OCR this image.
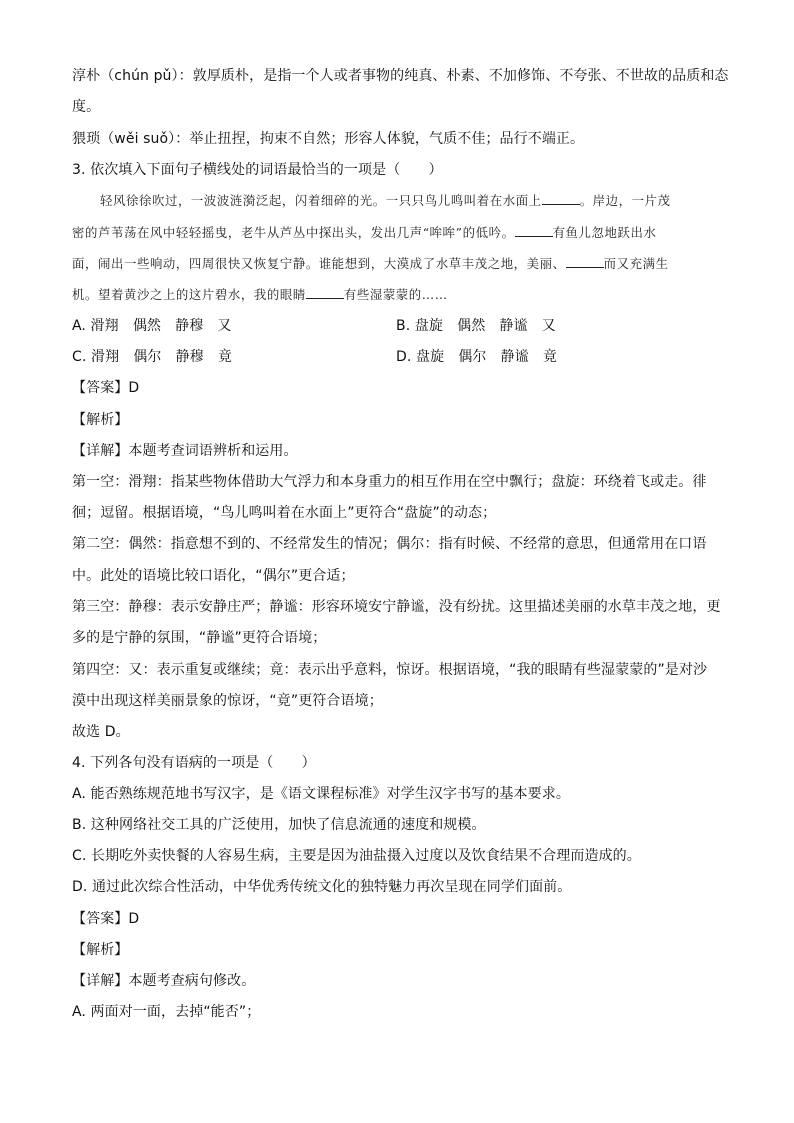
淳朴（chún pǔ）：敦厚质朴，是指一个人或者事物的纯真、朴素、不加修饰、不夸张、不世故的品质和态
度。
猥琐（wěi suǒ）：举止扭捏，拘束不自然；形容人体貌，气质不佳；品行不端正。
3. 依次填入下面句子横线处的词语最恰当的一项是（　　）
轻风徐徐吹过，一波波涟漪泛起，闪着细碎的光。一只只鸟儿鸣叫着在水面上	。岸边，一片茂
密的芦苇荡在风中轻轻摇曳，老牛从芦丛中探出头，发出几声“哞哞”的低吟。	有鱼儿忽地跃出水
面，闹出一些响动，四周很快又恢复宁静。谁能想到，大漠成了水草丰茂之地，美丽、	而又充满生
机。望着黄沙之上的这片碧水，我的眼睛	有些湿蒙蒙的……
A. 滑翔　偶然　静穆　又	B. 盘旋　偶然　静谧　又
C. 滑翔　偶尔　静穆　竟	D. 盘旋　偶尔　静谧　竟
【答案】D
【解析】
【详解】本题考查词语辨析和运用。
第一空：滑翔：指某些物体借助大气浮力和本身重力的相互作用在空中飘行；盘旋：环绕着飞或走。徘
徊；逗留。根据语境，“鸟儿鸣叫着在水面上”更符合“盘旋”的动态；
第二空：偶然：指意想不到的、不经常发生的情况；偶尔：指有时候、不经常的意思，但通常用在口语
中。此处的语境比较口语化，“偶尔”更合适；
第三空：静穆：表示安静庄严；静谧：形容环境安宁静谧，没有纷扰。这里描述美丽的水草丰茂之地，更
多的是宁静的氛围，“静谧”更符合语境；
第四空：又：表示重复或继续；竟：表示出乎意料，惊讶。根据语境，“我的眼睛有些湿蒙蒙的”是对沙
漠中出现这样美丽景象的惊讶，“竟”更符合语境；
故选 D。
4. 下列各句没有语病的一项是（　　）
A. 能否熟练规范地书写汉字，是《语文课程标准》对学生汉字书写的基本要求。
B. 这种网络社交工具的广泛使用，加快了信息流通的速度和规模。
C. 长期吃外卖快餐的人容易生病，主要是因为油盐摄入过度以及饮食结果不合理而造成的。
D. 通过此次综合性活动，中华优秀传统文化的独特魅力再次呈现在同学们面前。
【答案】D
【解析】
【详解】本题考查病句修改。
A. 两面对一面，去掉“能否”；
